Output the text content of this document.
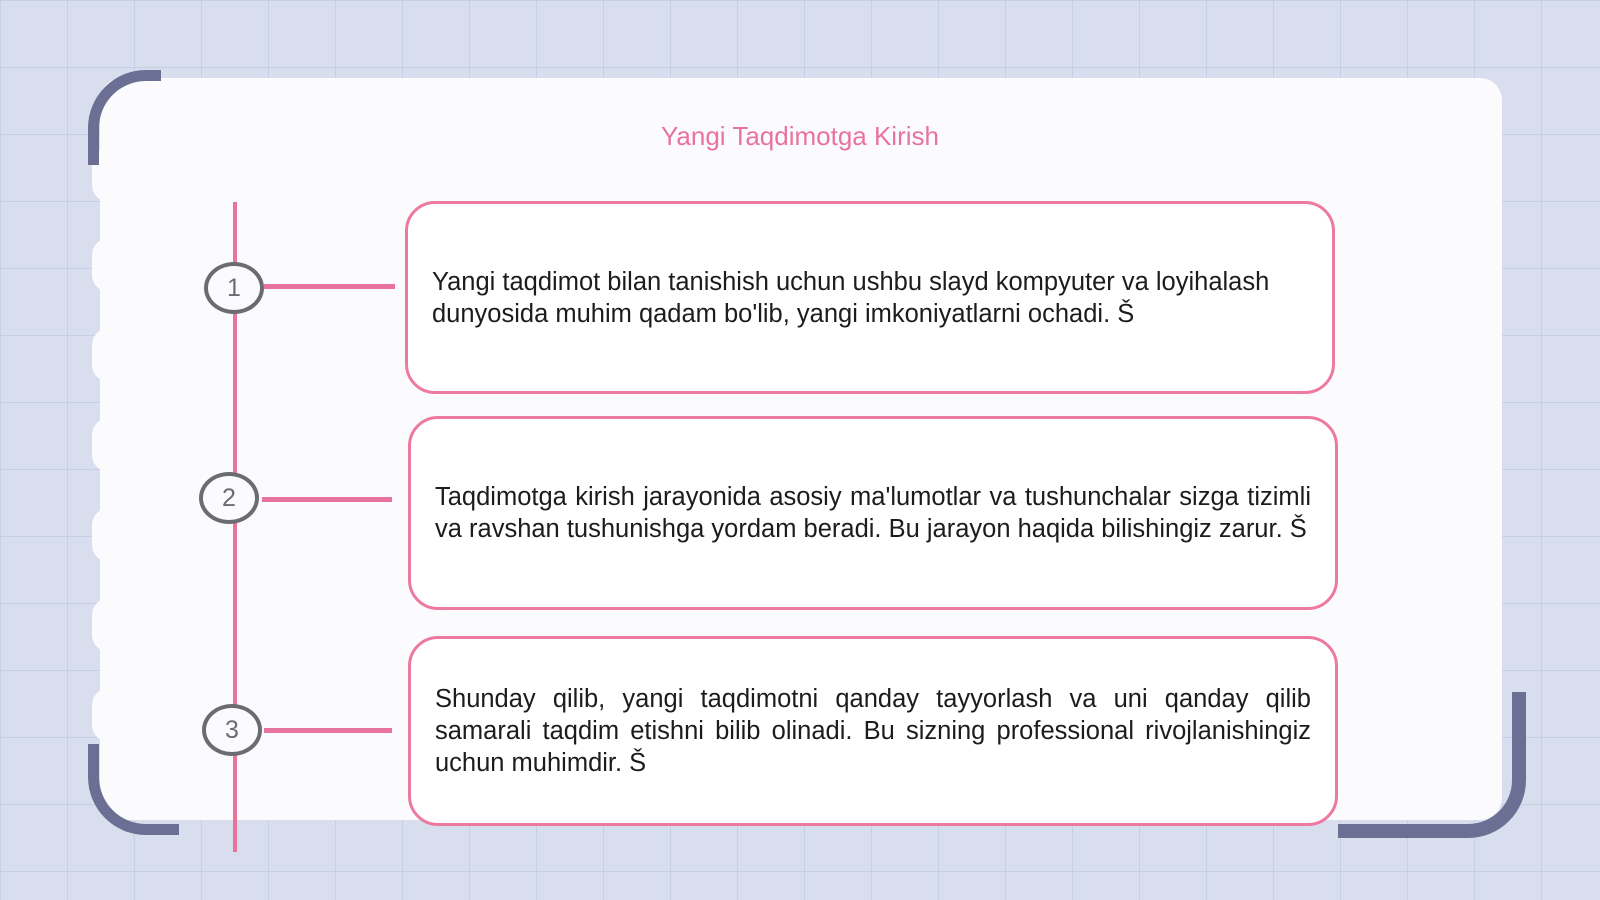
Yangi Taqdimotga Kirish
1
2
3

Yangi taqdimot bilan tanishish uchun ushbu slayd kompyuter va loyihalash dunyosida muhim qadam bo'lib, yangi imkoniyatlarni ochadi. Š

Taqdimotga kirish jarayonida asosiy ma'lumotlar va tushunchalar sizga tizimli va ravshan tushunishga yordam beradi. Bu jarayon haqida bilishingiz zarur. Š

Shunday qilib, yangi taqdimotni qanday tayyorlash va uni qanday qilib samarali taqdim etishni bilib olinadi. Bu sizning professional rivojlanishingiz uchun muhimdir. Š
